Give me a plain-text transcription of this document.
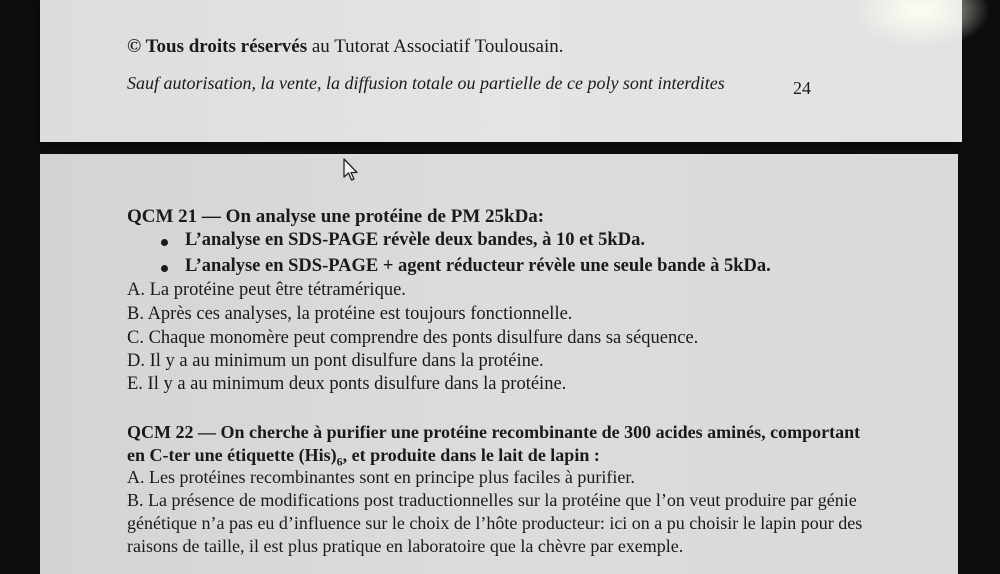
© Tous droits réservés au Tutorat Associatif Toulousain.
Sauf autorisation, la vente, la diffusion totale ou partielle de ce poly sont interdites	24
QCM 21 — On analyse une protéine de PM 25kDa:
L’analyse en SDS-PAGE révèle deux bandes, à 10 et 5kDa.
L’analyse en SDS-PAGE + agent réducteur révèle une seule bande à 5kDa.
A. La protéine peut être tétramérique.
B. Après ces analyses, la protéine est toujours fonctionnelle.
C. Chaque monomère peut comprendre des ponts disulfure dans sa séquence.
D. Il y a au minimum un pont disulfure dans la protéine.
E. Il y a au minimum deux ponts disulfure dans la protéine.
QCM 22 — On cherche à purifier une protéine recombinante de 300 acides aminés, comportant
en C-ter une étiquette $(His)_6$, et produite dans le lait de lapin :
A. Les protéines recombinantes sont en principe plus faciles à purifier.
B. La présence de modifications post traductionnelles sur la protéine que l’on veut produire par génie
génétique n’a pas eu d’influence sur le choix de l’hôte producteur: ici on a pu choisir le lapin pour des
raisons de taille, il est plus pratique en laboratoire que la chèvre par exemple.
